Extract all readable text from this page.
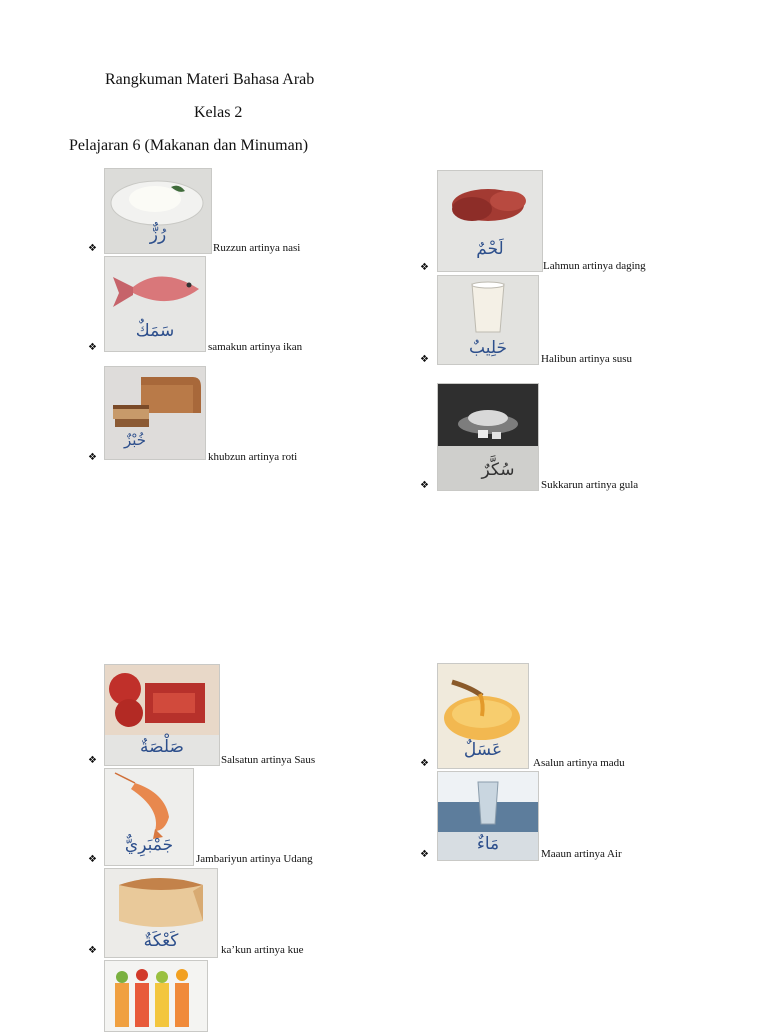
Rangkuman Materi Bahasa Arab
Kelas 2
Pelajaran 6 (Makanan dan Minuman)
❖
رُزٌّ
Ruzzun artinya nasi
❖
لَحْمٌ
Lahmun artinya daging
❖
سَمَكٌ
samakun artinya ikan
❖
حَلِيبٌ
Halibun artinya susu
❖
خُبْزٌ
khubzun artinya roti
❖
سُكَّرٌ
Sukkarun artinya gula
❖
صَلْصَةٌ
Salsatun artinya Saus	❖
عَسَلٌ
Asalun artinya madu
❖
جَمْبَرِيٌّ
Jambariyun artinya Udang	❖
مَاءٌ	Maaun artinya Air
❖	كَعْكَةٌ	ka’kun artinya kue
